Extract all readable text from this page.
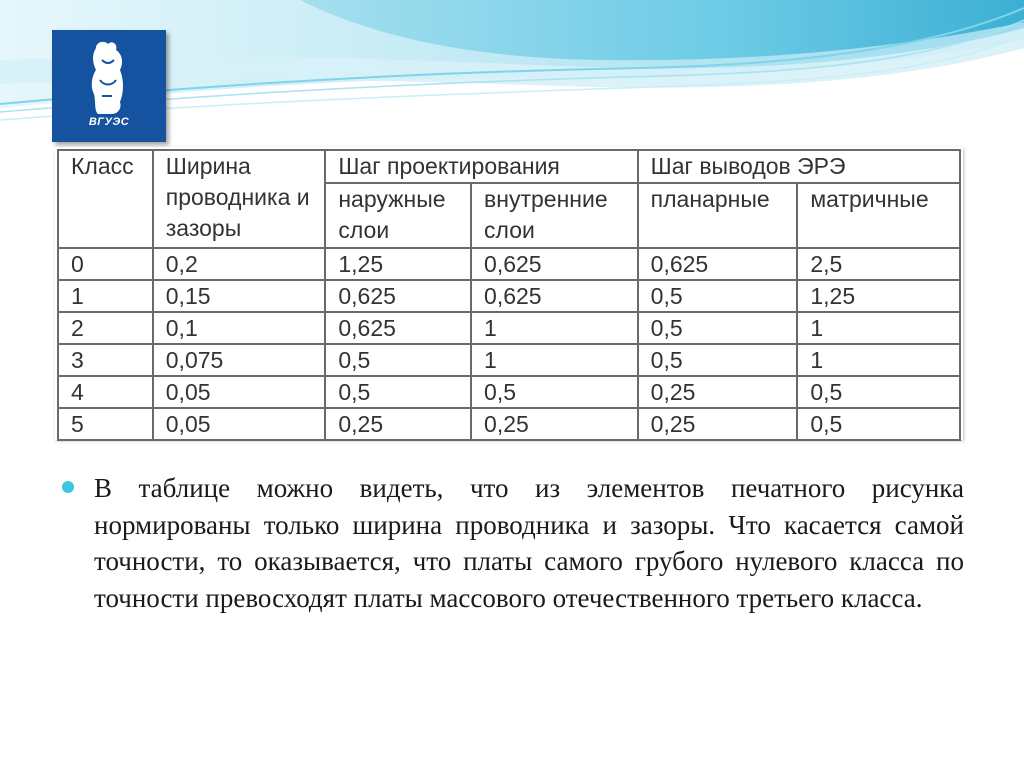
ВГУЭС
Класс	Ширина проводника и зазоры	Шаг проектирования		Шаг выводов ЭРЭ	
		наружные слои	внутренние слои	планарные	матричные
0	0,2	1,25	0,625	0,625	2,5
1	0,15	0,625	0,625	0,5	1,25
2	0,1	0,625	1	0,5	1
3	0,075	0,5	1	0,5	1
4	0,05	0,5	0,5	0,25	0,5
5	0,05	0,25	0,25	0,25	0,5
В таблице можно видеть, что из элементов печатного рисунка нормированы только ширина проводника и зазоры. Что касается самой точности, то оказывается, что платы самого грубого нулевого класса по точности превосходят платы массового отечественного третьего класса.
